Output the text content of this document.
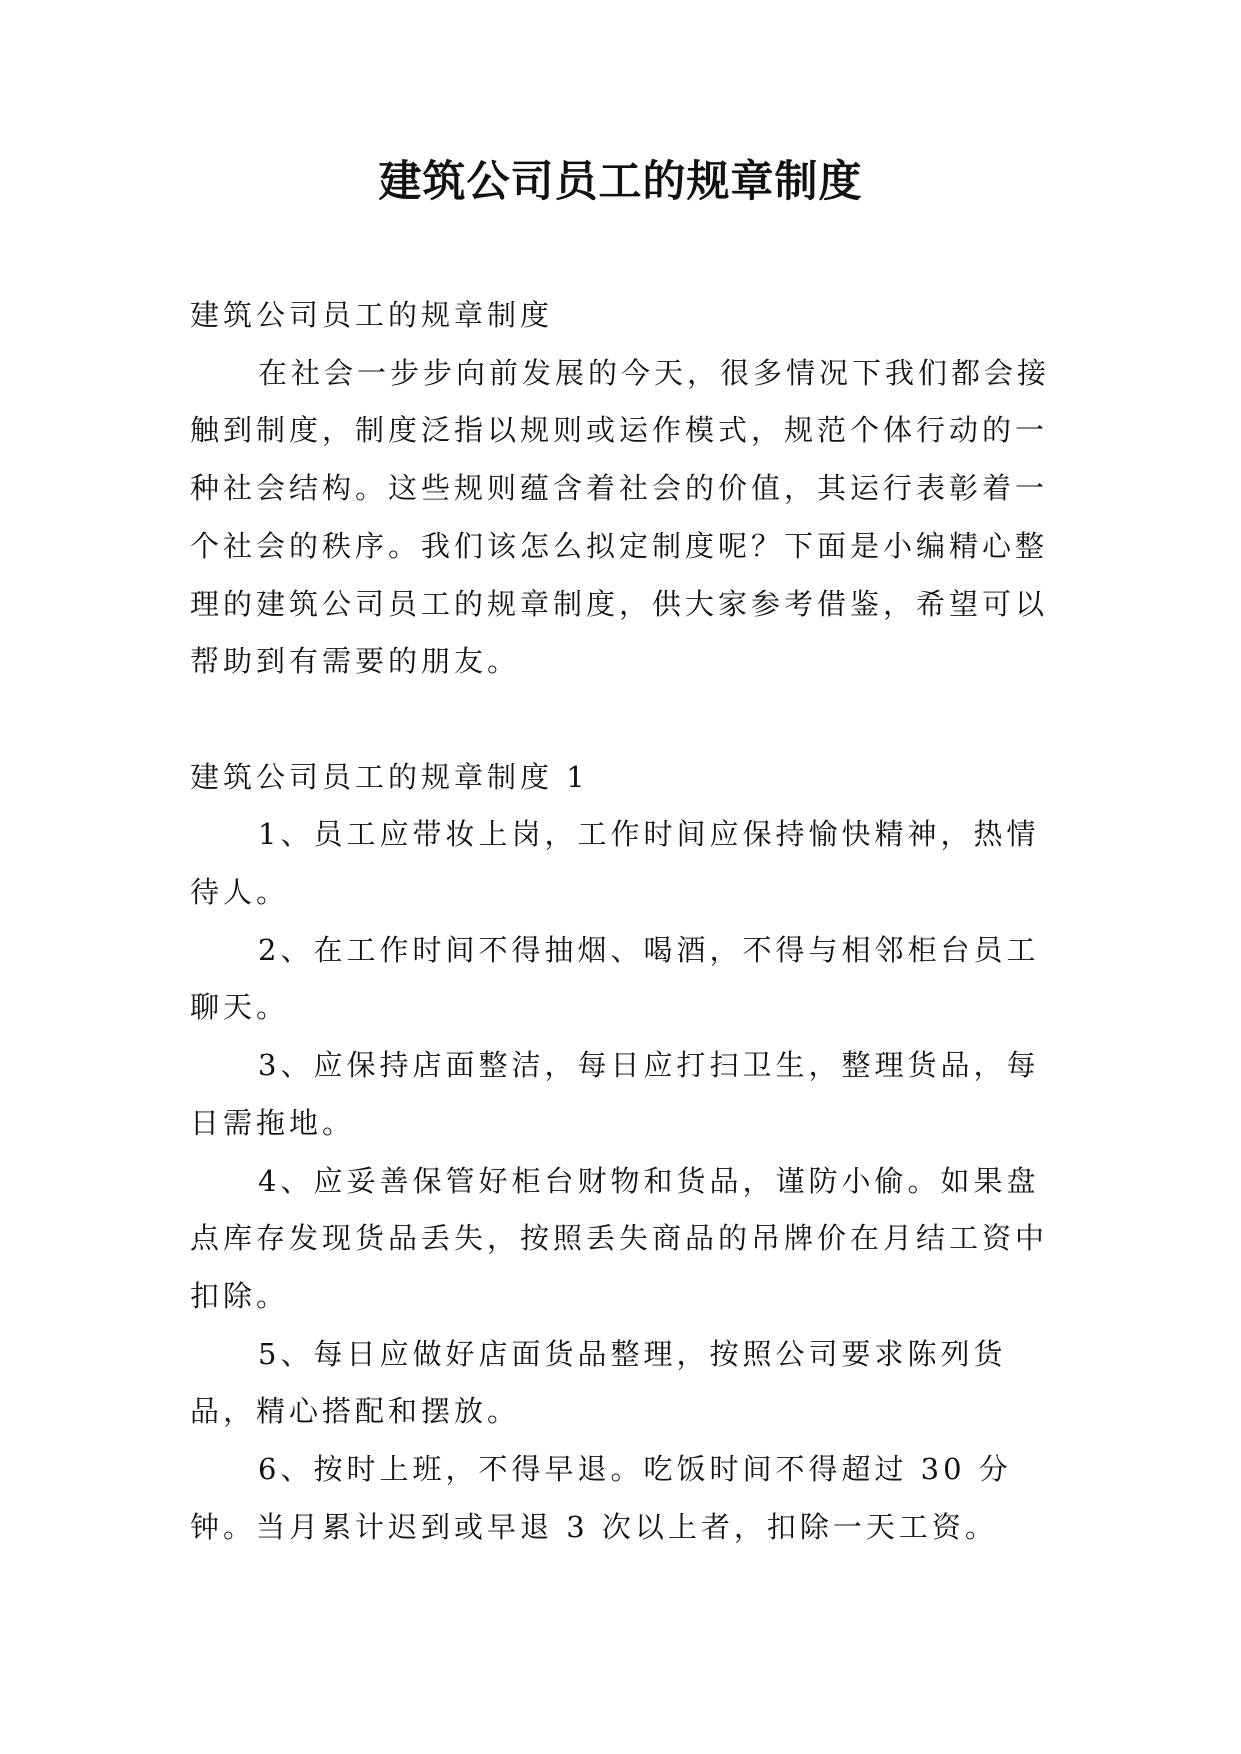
建筑公司员工的规章制度

建筑公司员工的规章制度

在社会一步步向前发展的今天，很多情况下我们都会接触到制度，制度泛指以规则或运作模式，规范个体行动的一种社会结构。这些规则蕴含着社会的价值，其运行表彰着一个社会的秩序。我们该怎么拟定制度呢？下面是小编精心整理的建筑公司员工的规章制度，供大家参考借鉴，希望可以帮助到有需要的朋友。

建筑公司员工的规章制度 1

1、员工应带妆上岗，工作时间应保持愉快精神，热情待人。

2、在工作时间不得抽烟、喝酒，不得与相邻柜台员工聊天。

3、应保持店面整洁，每日应打扫卫生，整理货品，每日需拖地。

4、应妥善保管好柜台财物和货品，谨防小偷。如果盘点库存发现货品丢失，按照丢失商品的吊牌价在月结工资中扣除。

5、每日应做好店面货品整理，按照公司要求陈列货品，精心搭配和摆放。

6、按时上班，不得早退。吃饭时间不得超过 30 分钟。当月累计迟到或早退 3 次以上者，扣除一天工资。
